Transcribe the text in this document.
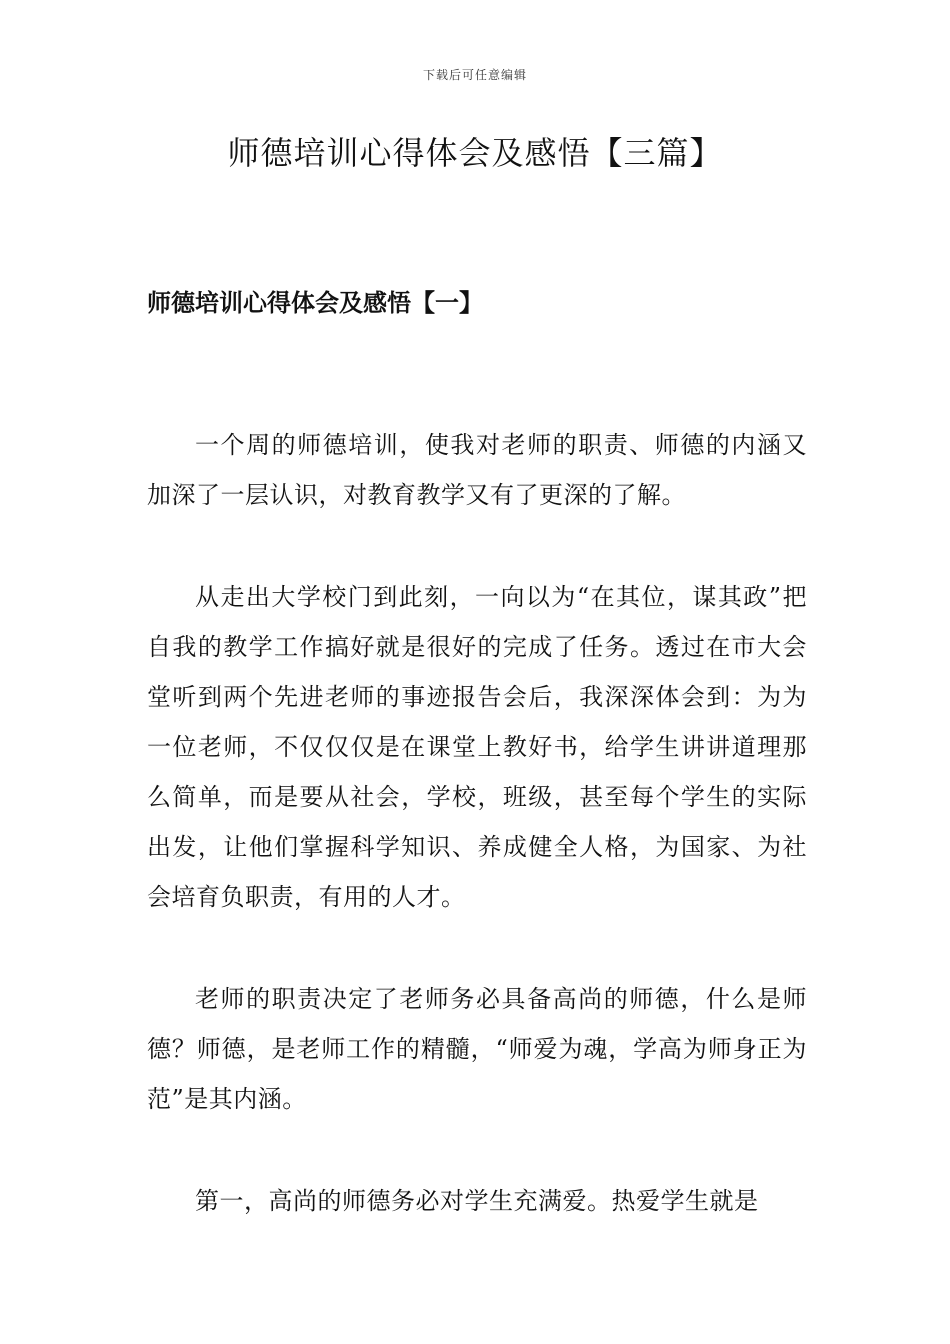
下载后可任意编辑
师德培训心得体会及感悟【三篇】
师德培训心得体会及感悟【一】

一个周的师德培训，使我对老师的职责、师德的内涵又加深了一层认识，对教育教学又有了更深的了解。

从走出大学校门到此刻，一向以为“在其位，谋其政”把自我的教学工作搞好就是很好的完成了任务。透过在市大会堂听到两个先进老师的事迹报告会后，我深深体会到：为为一位老师，不仅仅仅是在课堂上教好书，给学生讲讲道理那么简单，而是要从社会，学校，班级，甚至每个学生的实际出发，让他们掌握科学知识、养成健全人格，为国家、为社会培育负职责，有用的人才。

老师的职责决定了老师务必具备高尚的师德，什么是师德？师德，是老师工作的精髓，“师爱为魂，学高为师身正为范”是其内涵。

第一，高尚的师德务必对学生充满爱。热爱学生就是
